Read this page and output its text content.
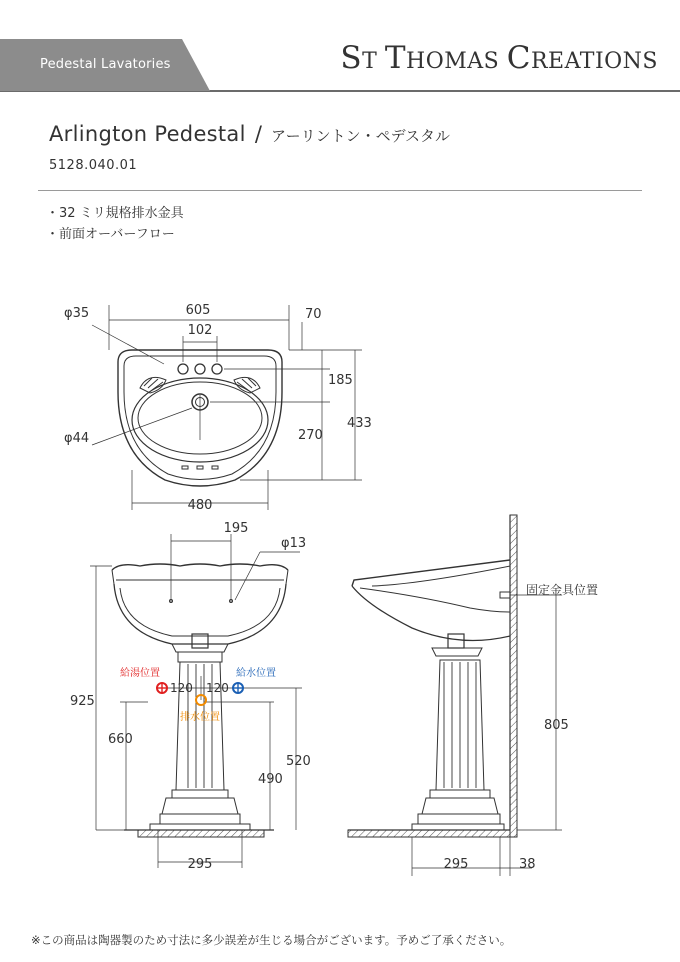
Pedestal Lavatories	ST THOMAS CREATIONS
Arlington Pedestal / アーリントン・ペデスタル
5128.040.01
・32 ミリ規格排水金具
・前面オーバーフロー
605
102
φ35	70
185
270
433
φ44
480
195
φ13
925
660
520
490
295
120 120
給湯位置	給水位置
排水位置
固定金具位置
805
295	38
※この商品は陶器製のため寸法に多少誤差が生じる場合がございます。予めご了承ください。
